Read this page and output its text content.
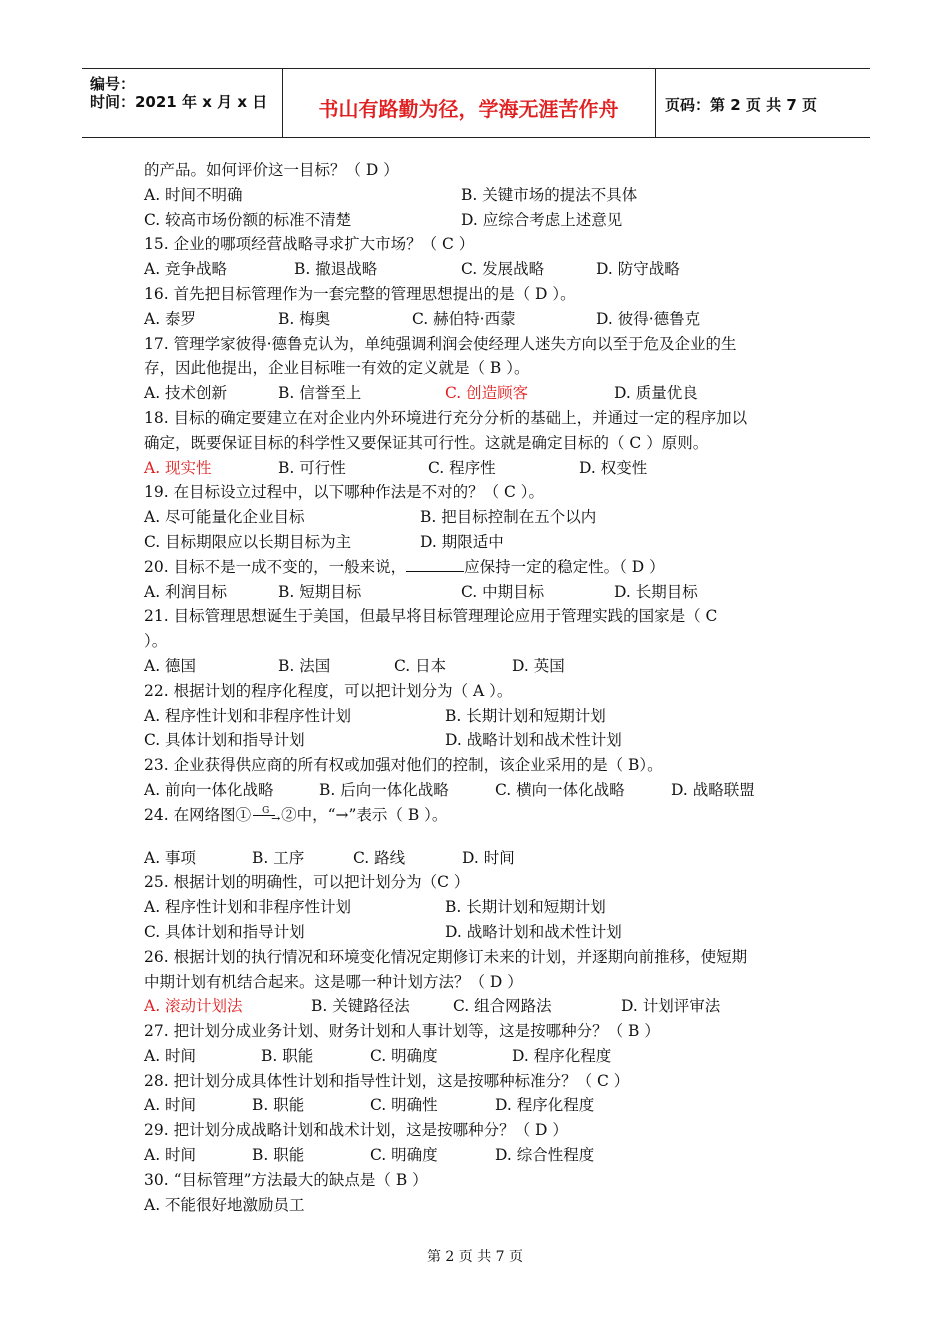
编号：
时间：2021 年 x 月 x 日	书山有路勤为径，学海无涯苦作舟	页码：第 2 页 共 7 页
的产品。如何评价这一目标？（ D ）
A. 时间不明确	B. 关键市场的提法不具体
C. 较高市场份额的标准不清楚	D. 应综合考虑上述意见
15. 企业的哪项经营战略寻求扩大市场？（ C ）
A. 竞争战略	B. 撤退战略	C. 发展战略	D. 防守战略
16. 首先把目标管理作为一套完整的管理思想提出的是（ D ）。
A. 泰罗	B. 梅奥	C. 赫伯特·西蒙	D. 彼得·德鲁克
17. 管理学家彼得·德鲁克认为，单纯强调利润会使经理人迷失方向以至于危及企业的生
存，因此他提出，企业目标唯一有效的定义就是（ B ）。
A. 技术创新	B. 信誉至上	C. 创造顾客	D. 质量优良
18. 目标的确定要建立在对企业内外环境进行充分分析的基础上，并通过一定的程序加以
确定，既要保证目标的科学性又要保证其可行性。这就是确定目标的（ C ）原则。
A. 现实性	B. 可行性	C. 程序性	D. 权变性
19. 在目标设立过程中，以下哪种作法是不对的？（ C ）。
A. 尽可能量化企业目标	B. 把目标控制在五个以内
C. 目标期限应以长期目标为主	D. 期限适中
20. 目标不是一成不变的，一般来说，	应保持一定的稳定性。（ D ）
A. 利润目标	B. 短期目标	C. 中期目标	D. 长期目标
21. 目标管理思想诞生于美国，但最早将目标管理理论应用于管理实践的国家是（ C
）。
A. 德国	B. 法国	C. 日本	D. 英国
22. 根据计划的程序化程度，可以把计划分为（ A ）。
A. 程序性计划和非程序性计划	B. 长期计划和短期计划
C. 具体计划和指导计划	D. 战略计划和战术性计划
23. 企业获得供应商的所有权或加强对他们的控制，该企业采用的是（ B）。
A. 前向一体化战略	B. 后向一体化战略	C. 横向一体化战略	D. 战略联盟
24. 在网络图① G
→ ②中，“→”表示（ B ）。
A. 事项	B. 工序	C. 路线	D. 时间
25. 根据计划的明确性，可以把计划分为（C ）
A. 程序性计划和非程序性计划	B. 长期计划和短期计划
C. 具体计划和指导计划	D. 战略计划和战术性计划
26. 根据计划的执行情况和环境变化情况定期修订未来的计划，并逐期向前推移，使短期
中期计划有机结合起来。这是哪一种计划方法？（ D ）
A. 滚动计划法	B. 关键路径法	C. 组合网路法	D. 计划评审法
27. 把计划分成业务计划、财务计划和人事计划等，这是按哪种分？（ B ）
A. 时间	B. 职能	C. 明确度	D. 程序化程度
28. 把计划分成具体性计划和指导性计划，这是按哪种标准分？（ C ）
A. 时间	B. 职能	C. 明确性	D. 程序化程度
29. 把计划分成战略计划和战术计划，这是按哪种分？（ D ）
A. 时间	B. 职能	C. 明确度	D. 综合性程度
30. “目标管理”方法最大的缺点是（ B ）
A. 不能很好地激励员工
第 2 页 共 7 页
